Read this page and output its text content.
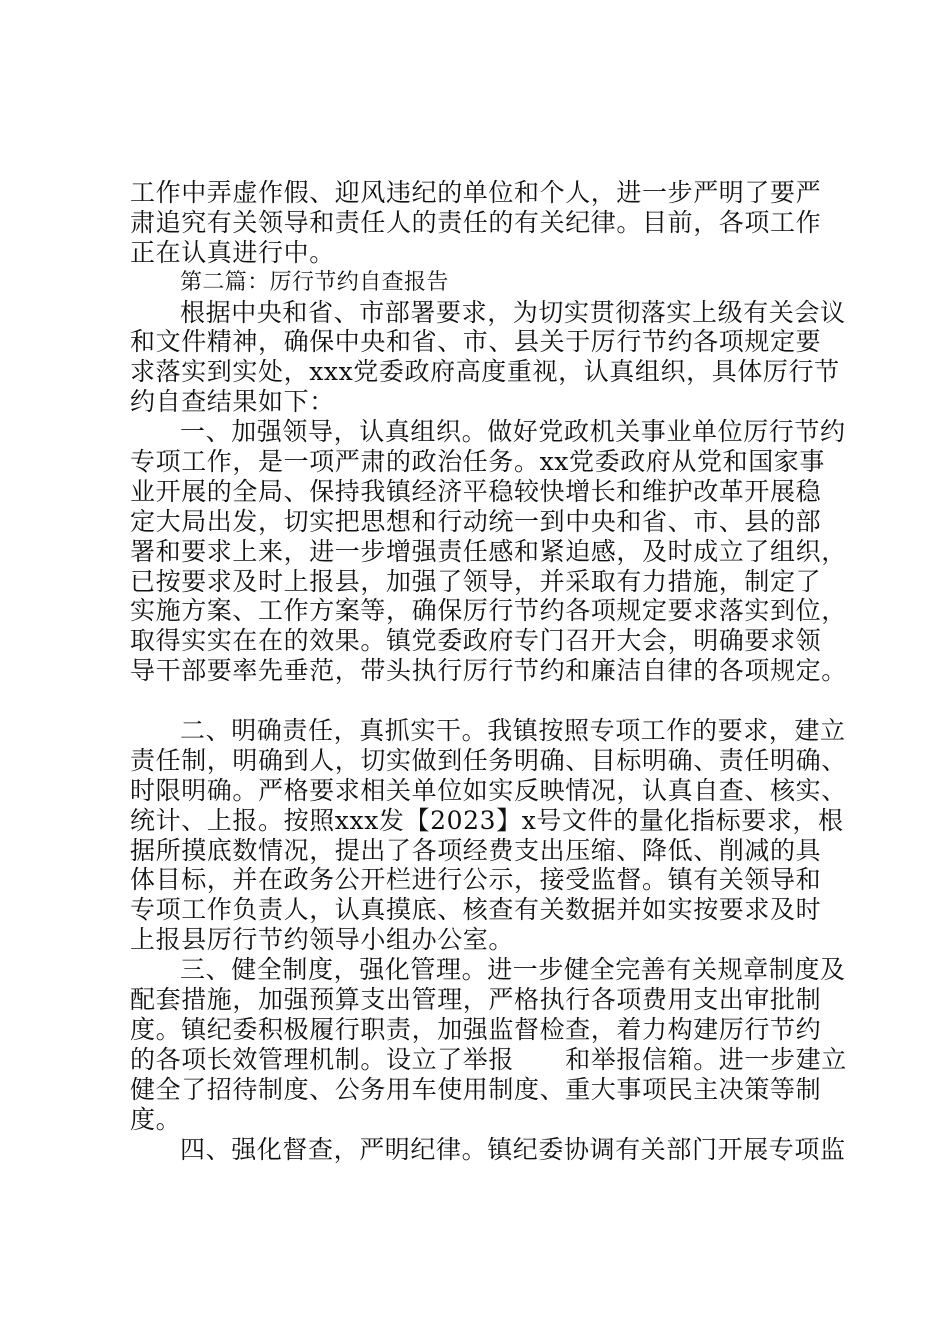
工作中弄虚作假、迎风违纪的单位和个人，进一步严明了要严
肃追究有关领导和责任人的责任的有关纪律。目前，各项工作
正在认真进行中。
第二篇：厉行节约自查报告
根据中央和省、市部署要求，为切实贯彻落实上级有关会议
和文件精神，确保中央和省、市、县关于厉行节约各项规定要
求落实到实处，xxx党委政府高度重视，认真组织，具体厉行节
约自查结果如下：
一、加强领导，认真组织。做好党政机关事业单位厉行节约
专项工作，是一项严肃的政治任务。xx党委政府从党和国家事
业开展的全局、保持我镇经济平稳较快增长和维护改革开展稳
定大局出发，切实把思想和行动统一到中央和省、市、县的部
署和要求上来，进一步增强责任感和紧迫感，及时成立了组织，
已按要求及时上报县，加强了领导，并采取有力措施，制定了
实施方案、工作方案等，确保厉行节约各项规定要求落实到位，
取得实实在在的效果。镇党委政府专门召开大会，明确要求领
导干部要率先垂范，带头执行厉行节约和廉洁自律的各项规定。
二、明确责任，真抓实干。我镇按照专项工作的要求，建立
责任制，明确到人，切实做到任务明确、目标明确、责任明确、
时限明确。严格要求相关单位如实反映情况，认真自查、核实、
统计、上报。按照xxx发【2023】x号文件的量化指标要求，根
据所摸底数情况，提出了各项经费支出压缩、降低、削减的具
体目标，并在政务公开栏进行公示，接受监督。镇有关领导和
专项工作负责人，认真摸底、核查有关数据并如实按要求及时
上报县厉行节约领导小组办公室。
三、健全制度，强化管理。进一步健全完善有关规章制度及
配套措施，加强预算支出管理，严格执行各项费用支出审批制
度。镇纪委积极履行职责，加强监督检查，着力构建厉行节约
的各项长效管理机制。设立了举报　　和举报信箱。进一步建立
健全了招待制度、公务用车使用制度、重大事项民主决策等制
度。
四、强化督查，严明纪律。镇纪委协调有关部门开展专项监
